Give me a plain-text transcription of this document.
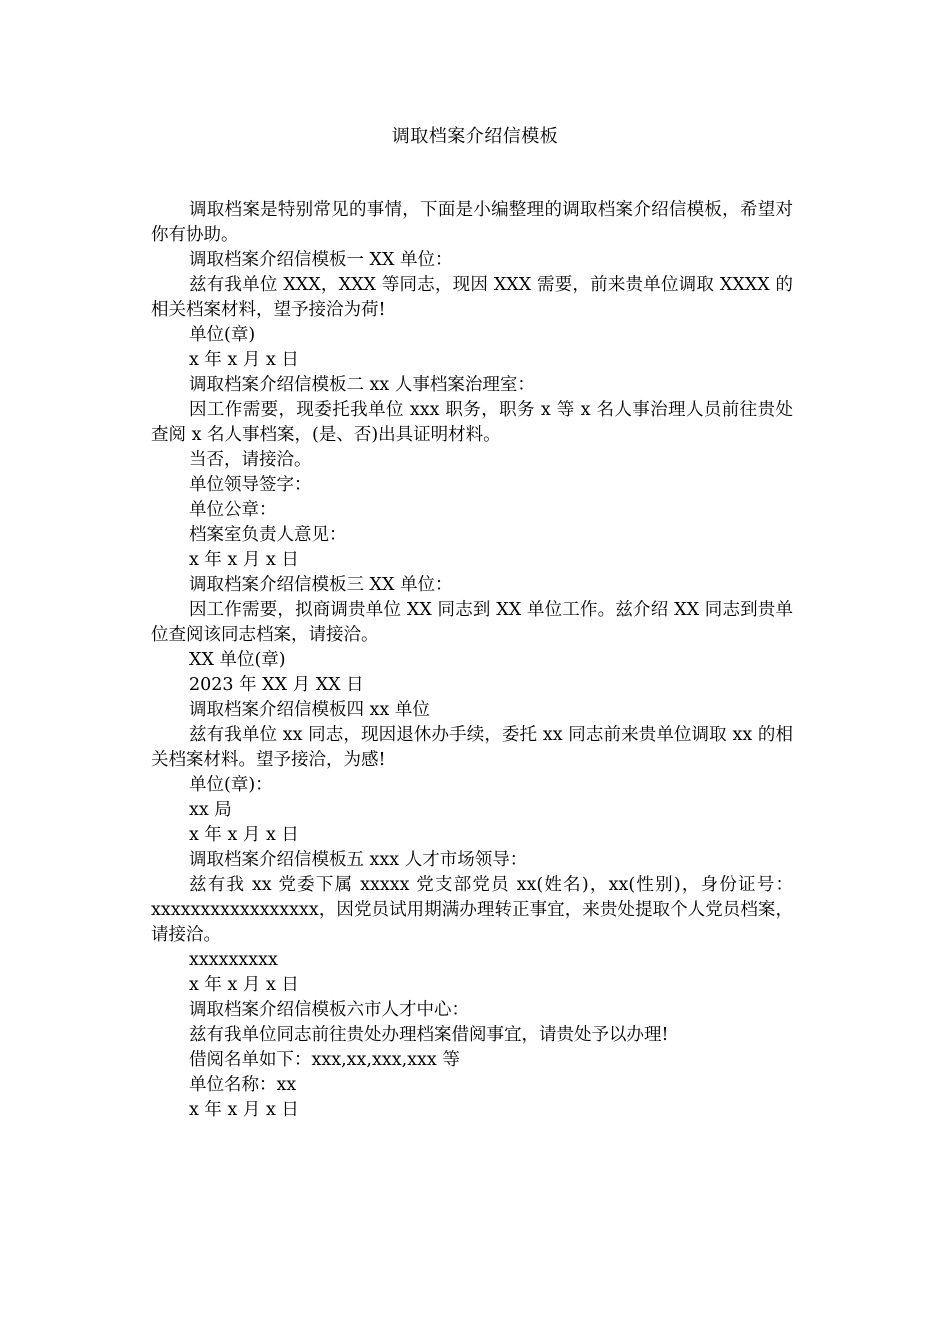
调取档案介绍信模板

调取档案是特别常见的事情，下面是小编整理的调取档案介绍信模板，希望对你有协助。

调取档案介绍信模板一 XX 单位：

兹有我单位 XXX，XXX 等同志，现因 XXX 需要，前来贵单位调取 XXXX 的相关档案材料，望予接洽为荷!

单位(章)

x 年 x 月 x 日

调取档案介绍信模板二 xx 人事档案治理室：

因工作需要，现委托我单位 xxx 职务，职务 x 等 x 名人事治理人员前往贵处查阅 x 名人事档案，(是、否)出具证明材料。

当否，请接洽。

单位领导签字：

单位公章：

档案室负责人意见：

x 年 x 月 x 日

调取档案介绍信模板三 XX 单位：

因工作需要，拟商调贵单位 XX 同志到 XX 单位工作。兹介绍 XX 同志到贵单位查阅该同志档案，请接洽。

XX 单位(章)

2023 年 XX 月 XX 日

调取档案介绍信模板四 xx 单位

兹有我单位 xx 同志，现因退休办手续，委托 xx 同志前来贵单位调取 xx 的相关档案材料。望予接洽，为感!

单位(章)：

xx 局

x 年 x 月 x 日

调取档案介绍信模板五 xxx 人才市场领导：

兹有我 xx 党委下属 xxxxx 党支部党员 xx(姓名)，xx(性别)，身份证号：xxxxxxxxxxxxxxxxx，因党员试用期满办理转正事宜，来贵处提取个人党员档案，请接洽。

xxxxxxxxx

x 年 x 月 x 日

调取档案介绍信模板六市人才中心：

兹有我单位同志前往贵处办理档案借阅事宜，请贵处予以办理!

借阅名单如下：xxx,xx,xxx,xxx 等

单位名称：xx

x 年 x 月 x 日
